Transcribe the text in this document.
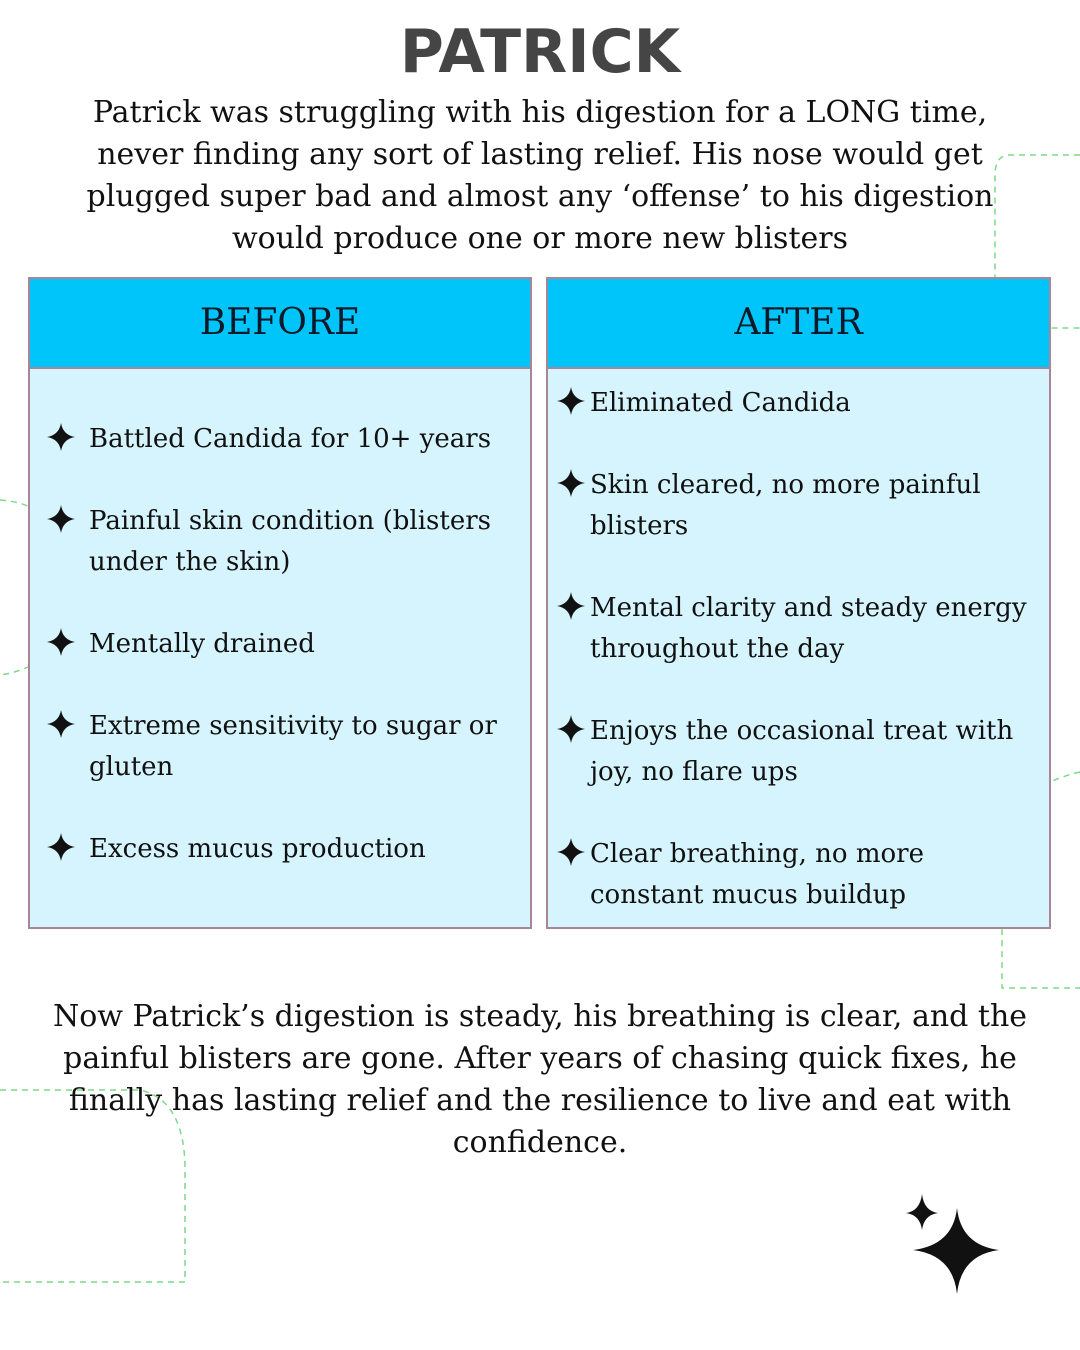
PATRICK

Patrick was struggling with his digestion for a LONG time, never finding any sort of lasting relief. His nose would get plugged super bad and almost any ‘offense’ to his digestion would produce one or more new blisters

BEFORE
Battled Candida for 10+ years
Painful skin condition (blisters under the skin)
Mentally drained
Extreme sensitivity to sugar or gluten
Excess mucus production
AFTER
Eliminated Candida
Skin cleared, no more painful blisters
Mental clarity and steady energy throughout the day
Enjoys the occasional treat with joy, no flare ups
Clear breathing, no more constant mucus buildup

Now Patrick’s digestion is steady, his breathing is clear, and the painful blisters are gone. After years of chasing quick fixes, he finally has lasting relief and the resilience to live and eat with confidence.
